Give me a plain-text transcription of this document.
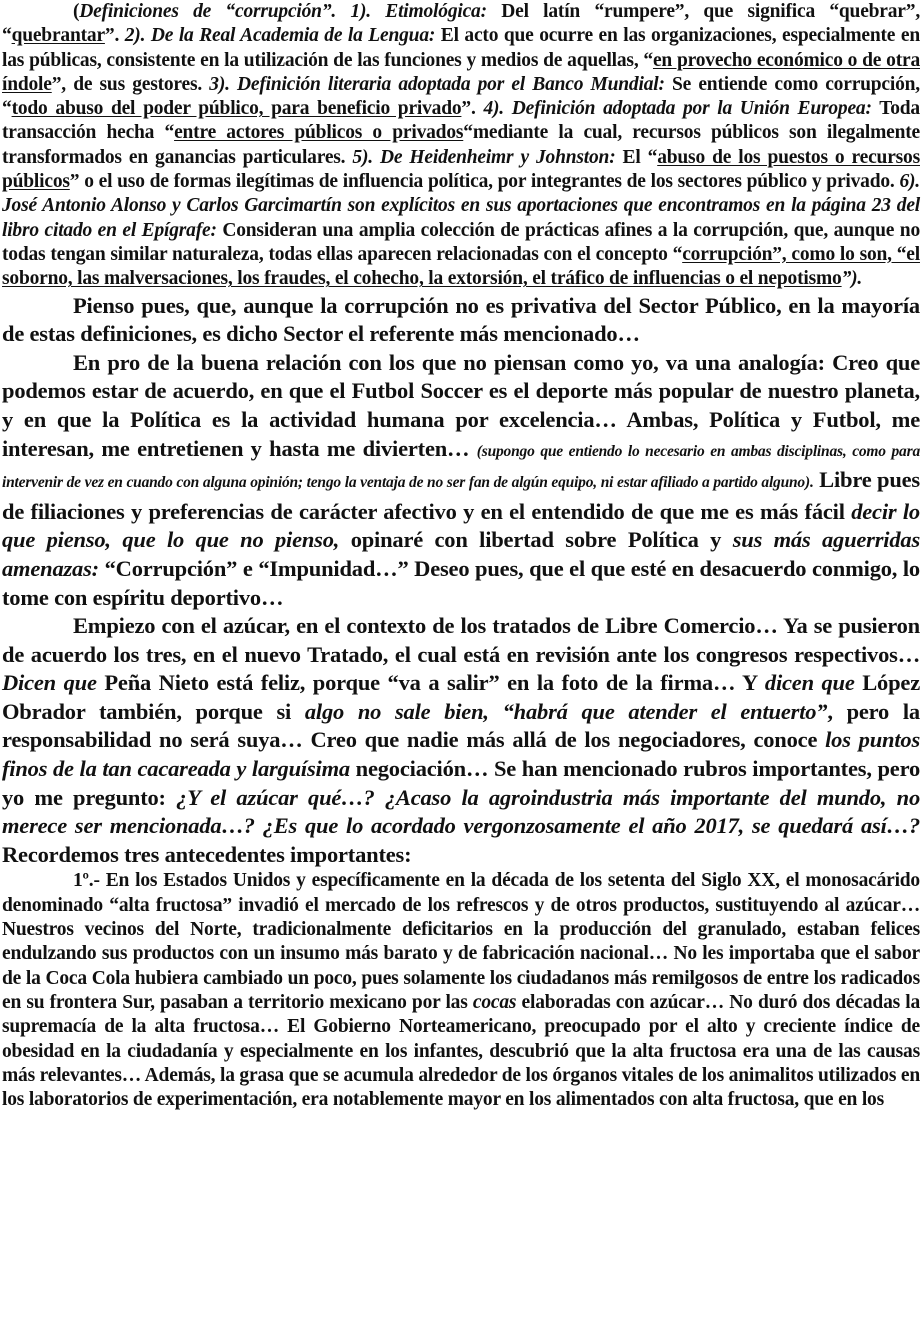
(Definiciones de “corrupción”. 1). Etimológica: Del latín “rumpere”, que significa “quebrar”, “quebrantar”. 2). De la Real Academia de la Lengua: El acto que ocurre en las organizaciones, especialmente en las públicas, consistente en la utilización de las funciones y medios de aquellas, “en provecho económico o de otra índole”, de sus gestores. 3). Definición literaria adoptada por el Banco Mundial: Se entiende como corrupción, “todo abuso del poder público, para beneficio privado”. 4). Definición adoptada por la Unión Europea: Toda transacción hecha “entre actores públicos o privados“mediante la cual, recursos públicos son ilegalmente transformados en ganancias particulares. 5). De Heidenheimr y Johnston: El “abuso de los puestos o recursos públicos” o el uso de formas ilegítimas de influencia política, por integrantes de los sectores público y privado. 6). José Antonio Alonso y Carlos Garcimartín son explícitos en sus aportaciones que encontramos en la página 23 del libro citado en el Epígrafe: Consideran una amplia colección de prácticas afines a la corrupción, que, aunque no todas tengan similar naturaleza, todas ellas aparecen relacionadas con el concepto “corrupción”, como lo son, “el soborno, las malversaciones, los fraudes, el cohecho, la extorsión, el tráfico de influencias o el nepotismo”).

Pienso pues, que, aunque la corrupción no es privativa del Sector Público, en la mayoría de estas definiciones, es dicho Sector el referente más mencionado…

En pro de la buena relación con los que no piensan como yo, va una analogía: Creo que podemos estar de acuerdo, en que el Futbol Soccer es el deporte más popular de nuestro planeta, y en que la Política es la actividad humana por excelencia… Ambas, Política y Futbol, me interesan, me entretienen y hasta me divierten… (supongo que entiendo lo necesario en ambas disciplinas, como para intervenir de vez en cuando con alguna opinión; tengo la ventaja de no ser fan de algún equipo, ni estar afiliado a partido alguno). Libre pues de filiaciones y preferencias de carácter afectivo y en el entendido de que me es más fácil decir lo que pienso, que lo que no pienso, opinaré con libertad sobre Política y sus más aguerridas amenazas: “Corrupción” e “Impunidad…” Deseo pues, que el que esté en desacuerdo conmigo, lo tome con espíritu deportivo…

Empiezo con el azúcar, en el contexto de los tratados de Libre Comercio… Ya se pusieron de acuerdo los tres, en el nuevo Tratado, el cual está en revisión ante los congresos respectivos… Dicen que Peña Nieto está feliz, porque “va a salir” en la foto de la firma… Y dicen que López Obrador también, porque si algo no sale bien, “habrá que atender el entuerto”, pero la responsabilidad no será suya… Creo que nadie más allá de los negociadores, conoce los puntos finos de la tan cacareada y larguísima negociación… Se han mencionado rubros importantes, pero yo me pregunto: ¿Y el azúcar qué…? ¿Acaso la agroindustria más importante del mundo, no merece ser mencionada…? ¿Es que lo acordado vergonzosamente el año 2017, se quedará así…? Recordemos tres antecedentes importantes:

1º.- En los Estados Unidos y específicamente en la década de los setenta del Siglo XX, el monosacárido denominado “alta fructosa” invadió el mercado de los refrescos y de otros productos, sustituyendo al azúcar… Nuestros vecinos del Norte, tradicionalmente deficitarios en la producción del granulado, estaban felices endulzando sus productos con un insumo más barato y de fabricación nacional… No les importaba que el sabor de la Coca Cola hubiera cambiado un poco, pues solamente los ciudadanos más remilgosos de entre los radicados en su frontera Sur, pasaban a territorio mexicano por las cocas elaboradas con azúcar… No duró dos décadas la supremacía de la alta fructosa… El Gobierno Norteamericano, preocupado por el alto y creciente índice de obesidad en la ciudadanía y especialmente en los infantes, descubrió que la alta fructosa era una de las causas más relevantes… Además, la grasa que se acumula alrededor de los órganos vitales de los animalitos utilizados en los laboratorios de experimentación, era notablemente mayor en los alimentados con alta fructosa, que en los
